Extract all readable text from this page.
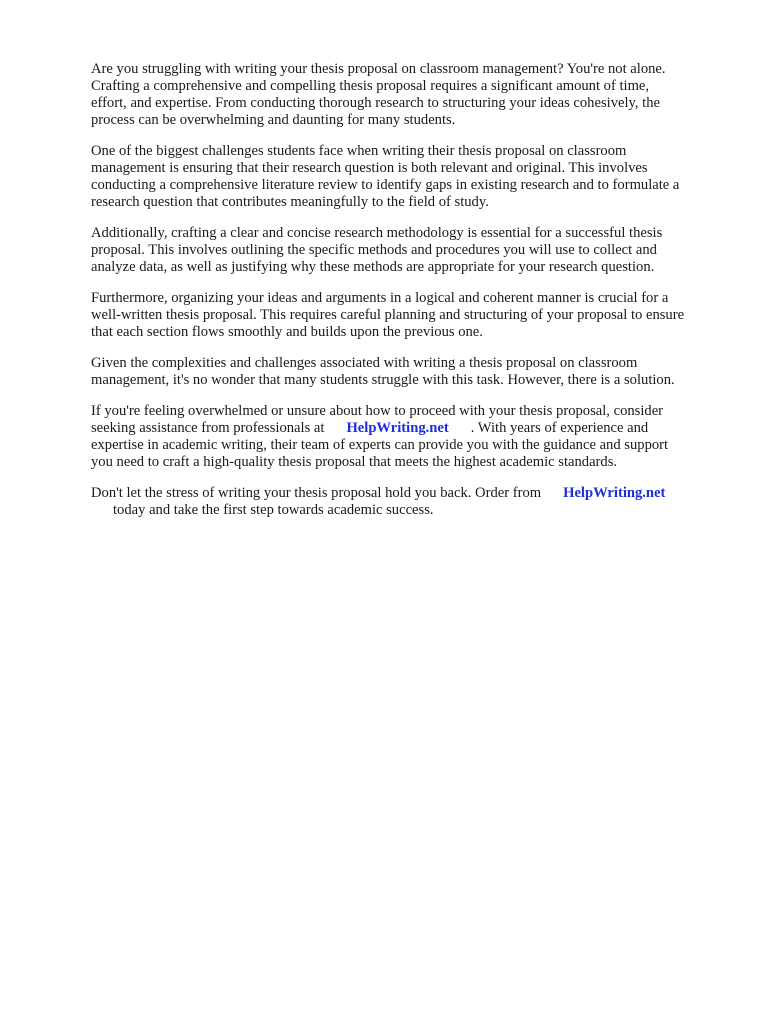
Are you struggling with writing your thesis proposal on classroom management? You're not alone.
Crafting a comprehensive and compelling thesis proposal requires a significant amount of time,
effort, and expertise. From conducting thorough research to structuring your ideas cohesively, the
process can be overwhelming and daunting for many students.

One of the biggest challenges students face when writing their thesis proposal on classroom
management is ensuring that their research question is both relevant and original. This involves
conducting a comprehensive literature review to identify gaps in existing research and to formulate a
research question that contributes meaningfully to the field of study.

Additionally, crafting a clear and concise research methodology is essential for a successful thesis
proposal. This involves outlining the specific methods and procedures you will use to collect and
analyze data, as well as justifying why these methods are appropriate for your research question.

Furthermore, organizing your ideas and arguments in a logical and coherent manner is crucial for a
well-written thesis proposal. This requires careful planning and structuring of your proposal to ensure
that each section flows smoothly and builds upon the previous one.

Given the complexities and challenges associated with writing a thesis proposal on classroom
management, it's no wonder that many students struggle with this task. However, there is a solution.

If you're feeling overwhelmed or unsure about how to proceed with your thesis proposal, consider
seeking assistance from professionals at HelpWriting.net . With years of experience and
expertise in academic writing, their team of experts can provide you with the guidance and support
you need to craft a high-quality thesis proposal that meets the highest academic standards.

Don't let the stress of writing your thesis proposal hold you back. Order from HelpWriting.net
today and take the first step towards academic success.
